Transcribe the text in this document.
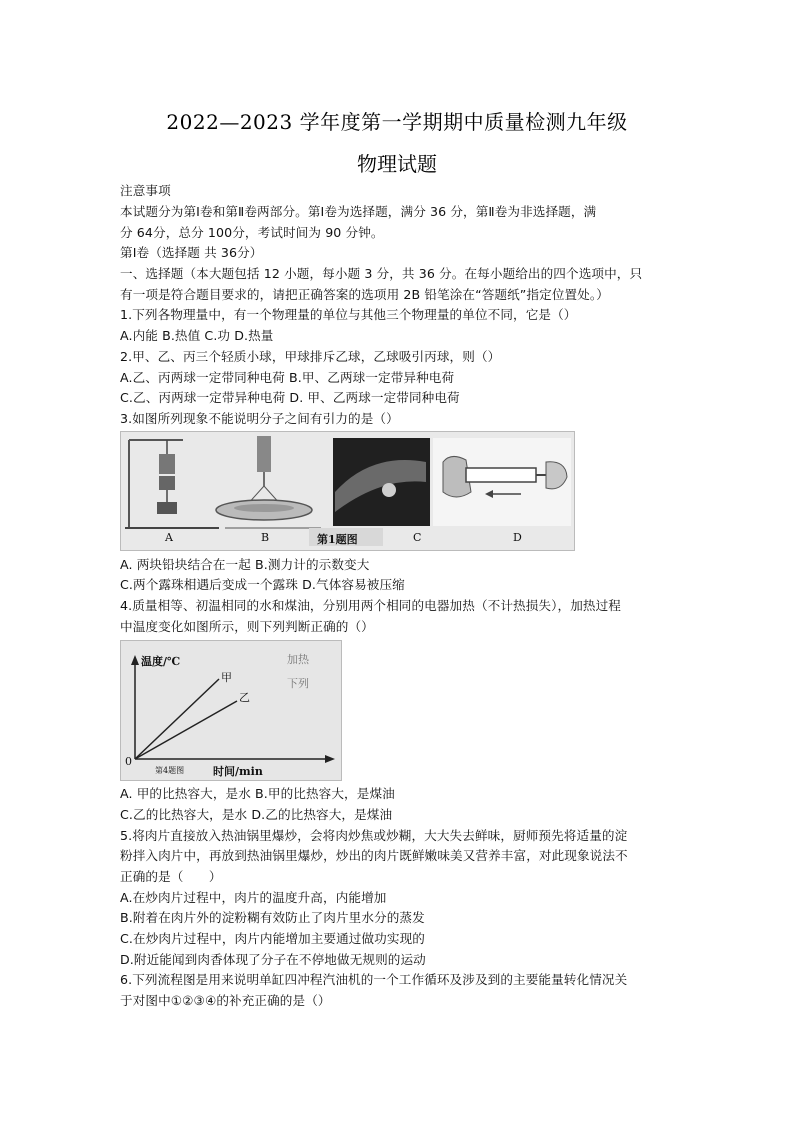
2022—2023 学年度第一学期期中质量检测九年级
物理试题
注意事项
本试题分为第Ⅰ卷和第Ⅱ卷两部分。第Ⅰ卷为选择题，满分 36 分，第Ⅱ卷为非选择题，满
分 64分，总分 100分，考试时间为 90 分钟。
第Ⅰ卷（选择题 共 36分）
一、选择题（本大题包括 12 小题，每小题 3 分，共 36 分。在每小题给出的四个选项中，只
有一项是符合题目要求的，请把正确答案的选项用 2B 铅笔涂在“答题纸”指定位置处。）
1.下列各物理量中，有一个物理量的单位与其他三个物理量的单位不同，它是（）
A.内能 B.热值 C.功 D.热量
2.甲、乙、丙三个轻质小球，甲球排斥乙球，乙球吸引丙球，则（）
A.乙、丙两球一定带同种电荷 B.甲、乙两球一定带异种电荷
C.乙、丙两球一定带异种电荷 D. 甲、乙两球一定带同种电荷
3.如图所列现象不能说明分子之间有引力的是（）
A	B	第1题图	C	D
A. 两块铅块结合在一起 B.测力计的示数变大
C.两个露珠相遇后变成一个露珠 D.气体容易被压缩
4.质量相等、初温相同的水和煤油，分别用两个相同的电器加热（不计热损失），加热过程
中温度变化如图所示，则下列判断正确的（）
温度/℃
甲
乙
0
第4题图	时间/min
加热
下列
A. 甲的比热容大，是水 B.甲的比热容大，是煤油
C.乙的比热容大，是水 D.乙的比热容大，是煤油
5.将肉片直接放入热油锅里爆炒，会将肉炒焦或炒糊，大大失去鲜味，厨师预先将适量的淀
粉拌入肉片中，再放到热油锅里爆炒，炒出的肉片既鲜嫩味美又营养丰富，对此现象说法不
正确的是（　　）
A.在炒肉片过程中，肉片的温度升高，内能增加
B.附着在肉片外的淀粉糊有效防止了肉片里水分的蒸发
C.在炒肉片过程中，肉片内能增加主要通过做功实现的
D.附近能闻到肉香体现了分子在不停地做无规则的运动
6.下列流程图是用来说明单缸四冲程汽油机的一个工作循环及涉及到的主要能量转化情况关
于对图中①②③④的补充正确的是（）
